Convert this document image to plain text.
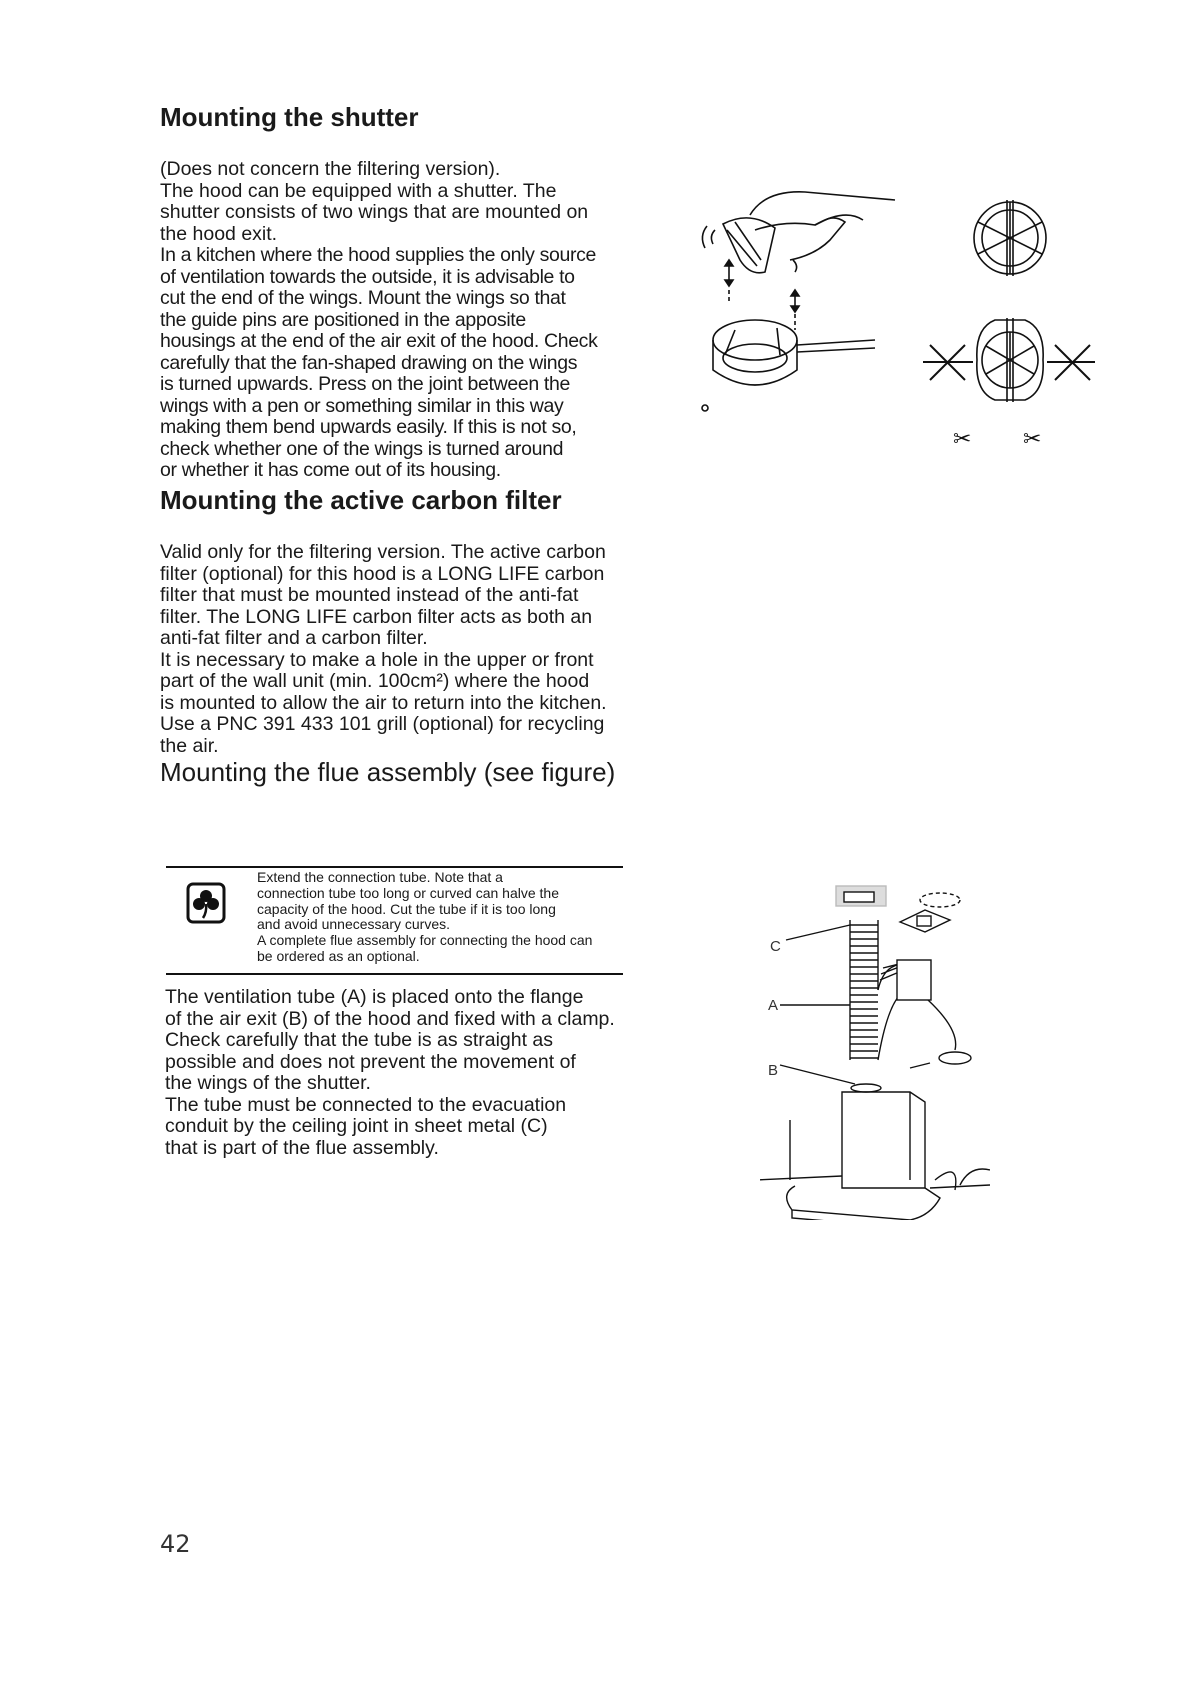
Mounting the shutter

(Does not concern the filtering version).
The hood can be equipped with a shutter. The
shutter consists of two wings that are mounted on
the hood exit.

In a kitchen where the hood supplies the only source
of ventilation towards the outside, it is advisable to
cut the end of the wings. Mount the wings so that
the guide pins are positioned in the apposite
housings at the end of the air exit of the hood. Check
carefully that the fan-shaped drawing on the wings
is turned upwards. Press on the joint between the
wings with a pen or something similar in this way
making them bend upwards easily. If this is not so,
check whether one of the wings is turned around
or whether it has come out of its housing.

Mounting the active carbon filter

Valid only for the filtering version. The active carbon
filter (optional) for this hood is a LONG LIFE carbon
filter that must be mounted instead of the anti-fat
filter. The LONG LIFE carbon filter acts as both an
anti-fat filter and a carbon filter.

It is necessary to make a hole in the upper or front
part of the wall unit (min. 100cm²) where the hood
is mounted to allow the air to return into the kitchen.
Use a PNC 391 433 101 grill (optional) for recycling
the air.

Mounting the flue assembly (see figure)
Extend the connection tube. Note that a
connection tube too long or curved can halve the
capacity of the hood. Cut the tube if it is too long
and avoid unnecessary curves.
A complete flue assembly for connecting the hood can
be ordered as an optional.

The ventilation tube (A) is placed onto the flange
of the air exit (B) of the hood and fixed with a clamp.
Check carefully that the tube is as straight as
possible and does not prevent the movement of
the wings of the shutter.

The tube must be connected to the evacuation
conduit by the ceiling joint in sheet metal (C)
that is part of the flue assembly.

✂ ✂
C
A
B
42
